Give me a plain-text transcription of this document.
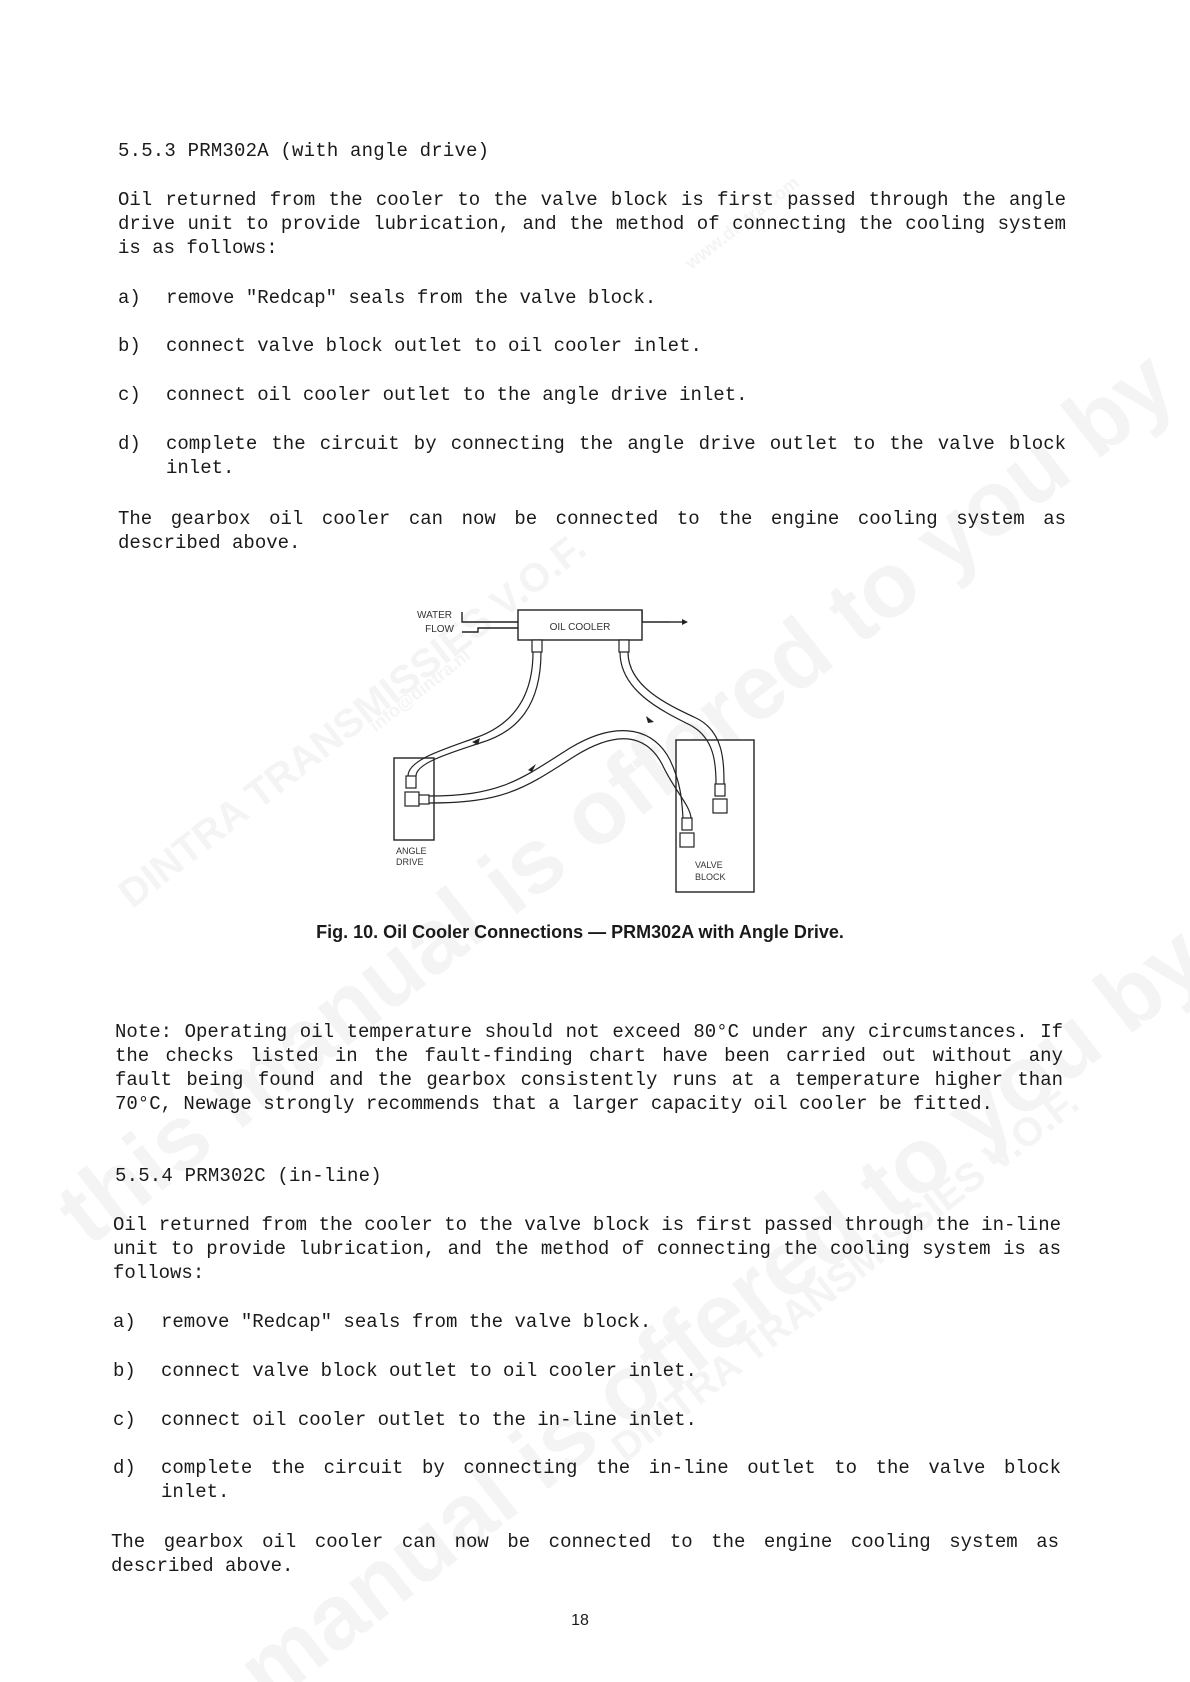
5.5.3 PRM302A (with angle drive)

Oil returned from the cooler to the valve block is first passed through the angle drive unit to provide lubrication, and the method of connecting the cooling system is as follows:

a) remove "Redcap" seals from the valve block.
b) connect valve block outlet to oil cooler inlet.
c) connect oil cooler outlet to the angle drive inlet.
d) complete the circuit by connecting the angle drive outlet to the valve block inlet.

The gearbox oil cooler can now be connected to the engine cooling system as described above.

WATER
FLOW	OIL COOLER
ANGLE
DRIVE	VALVE
BLOCK
Fig. 10. Oil Cooler Connections — PRM302A with Angle Drive.

Note: Operating oil temperature should not exceed 80°C under any circumstances. If the checks listed in the fault-finding chart have been carried out without any fault being found and the gearbox consistently runs at a temperature higher than 70°C, Newage strongly recommends that a larger capacity oil cooler be fitted.

5.5.4 PRM302C (in-line)

Oil returned from the cooler to the valve block is first passed through the in-line unit to provide lubrication, and the method of connecting the cooling system is as follows:

a) remove "Redcap" seals from the valve block.
b) connect valve block outlet to oil cooler inlet.
c) connect oil cooler outlet to the in-line inlet.
d) complete the circuit by connecting the in-line outlet to the valve block inlet.

The gearbox oil cooler can now be connected to the engine cooling system as described above.

18
